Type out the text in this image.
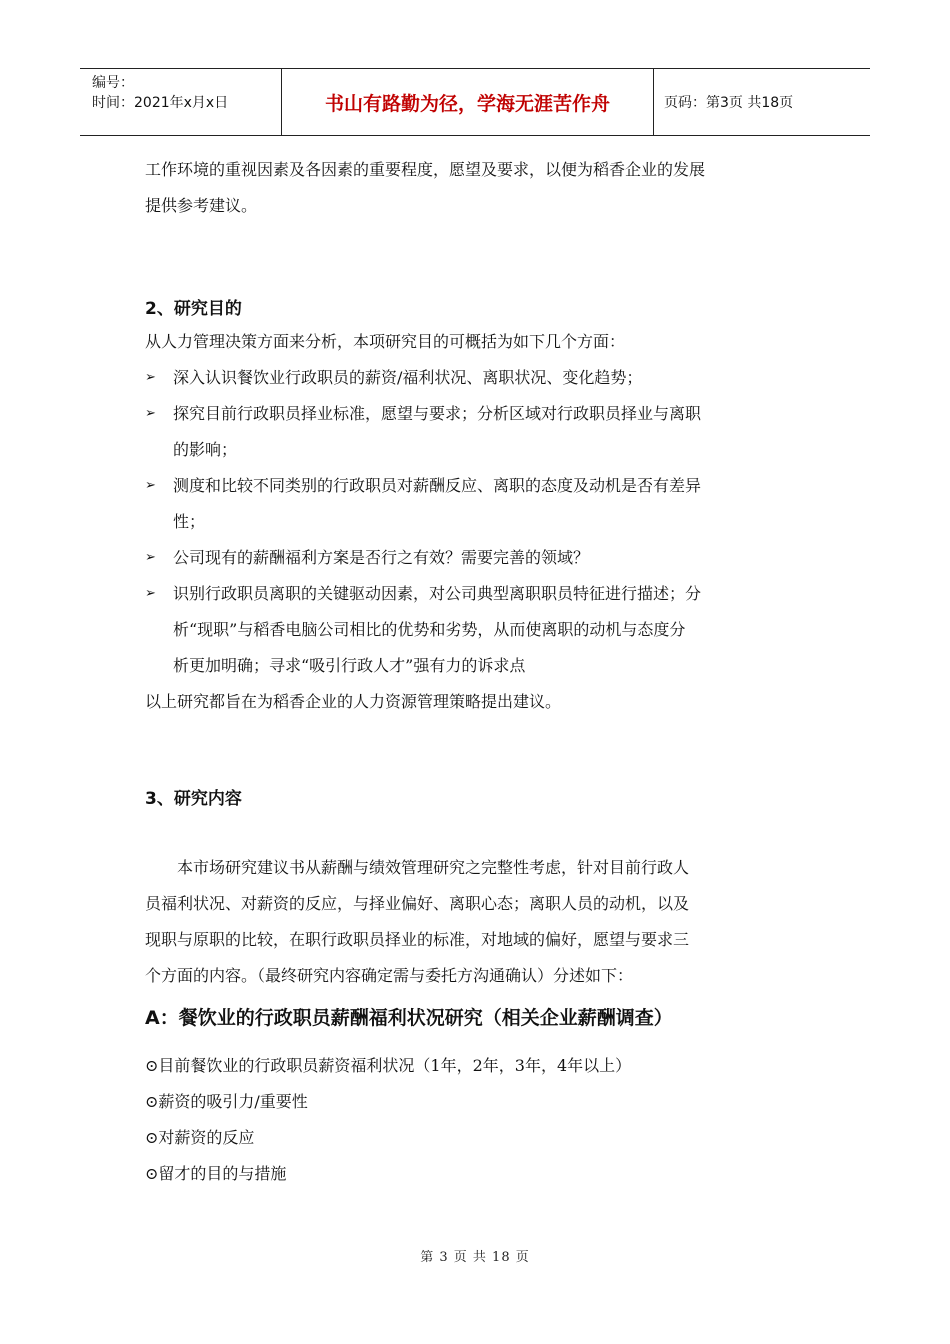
编号：
时间：2021年x月x日	书山有路勤为径，学海无涯苦作舟	页码：第3页 共18页

工作环境的重视因素及各因素的重要程度，愿望及要求，以便为稻香企业的发展

提供参考建议。

2、研究目的

从人力管理决策方面来分析，本项研究目的可概括为如下几个方面：

➢ 深入认识餐饮业行政职员的薪资/福利状况、离职状况、变化趋势；
➢ 探究目前行政职员择业标准，愿望与要求；分析区域对行政职员择业与离职
的影响；
➢ 测度和比较不同类别的行政职员对薪酬反应、离职的态度及动机是否有差异
性；
➢ 公司现有的薪酬福利方案是否行之有效？需要完善的领域？
➢ 识别行政职员离职的关键驱动因素，对公司典型离职职员特征进行描述；分
析“现职”与稻香电脑公司相比的优势和劣势，从而使离职的动机与态度分
析更加明确；寻求“吸引行政人才”强有力的诉求点

以上研究都旨在为稻香企业的人力资源管理策略提出建议。

3、研究内容

本市场研究建议书从薪酬与绩效管理研究之完整性考虑，针对目前行政人

员福利状况、对薪资的反应，与择业偏好、离职心态；离职人员的动机，以及

现职与原职的比较，在职行政职员择业的标准，对地域的偏好，愿望与要求三

个方面的内容。（最终研究内容确定需与委托方沟通确认）分述如下：

A：餐饮业的行政职员薪酬福利状况研究（相关企业薪酬调查）

⊙目前餐饮业的行政职员薪资福利状况（1年，2年，3年，4年以上）
⊙薪资的吸引力/重要性
⊙对薪资的反应
⊙留才的目的与措施
第 3 页 共 18 页
